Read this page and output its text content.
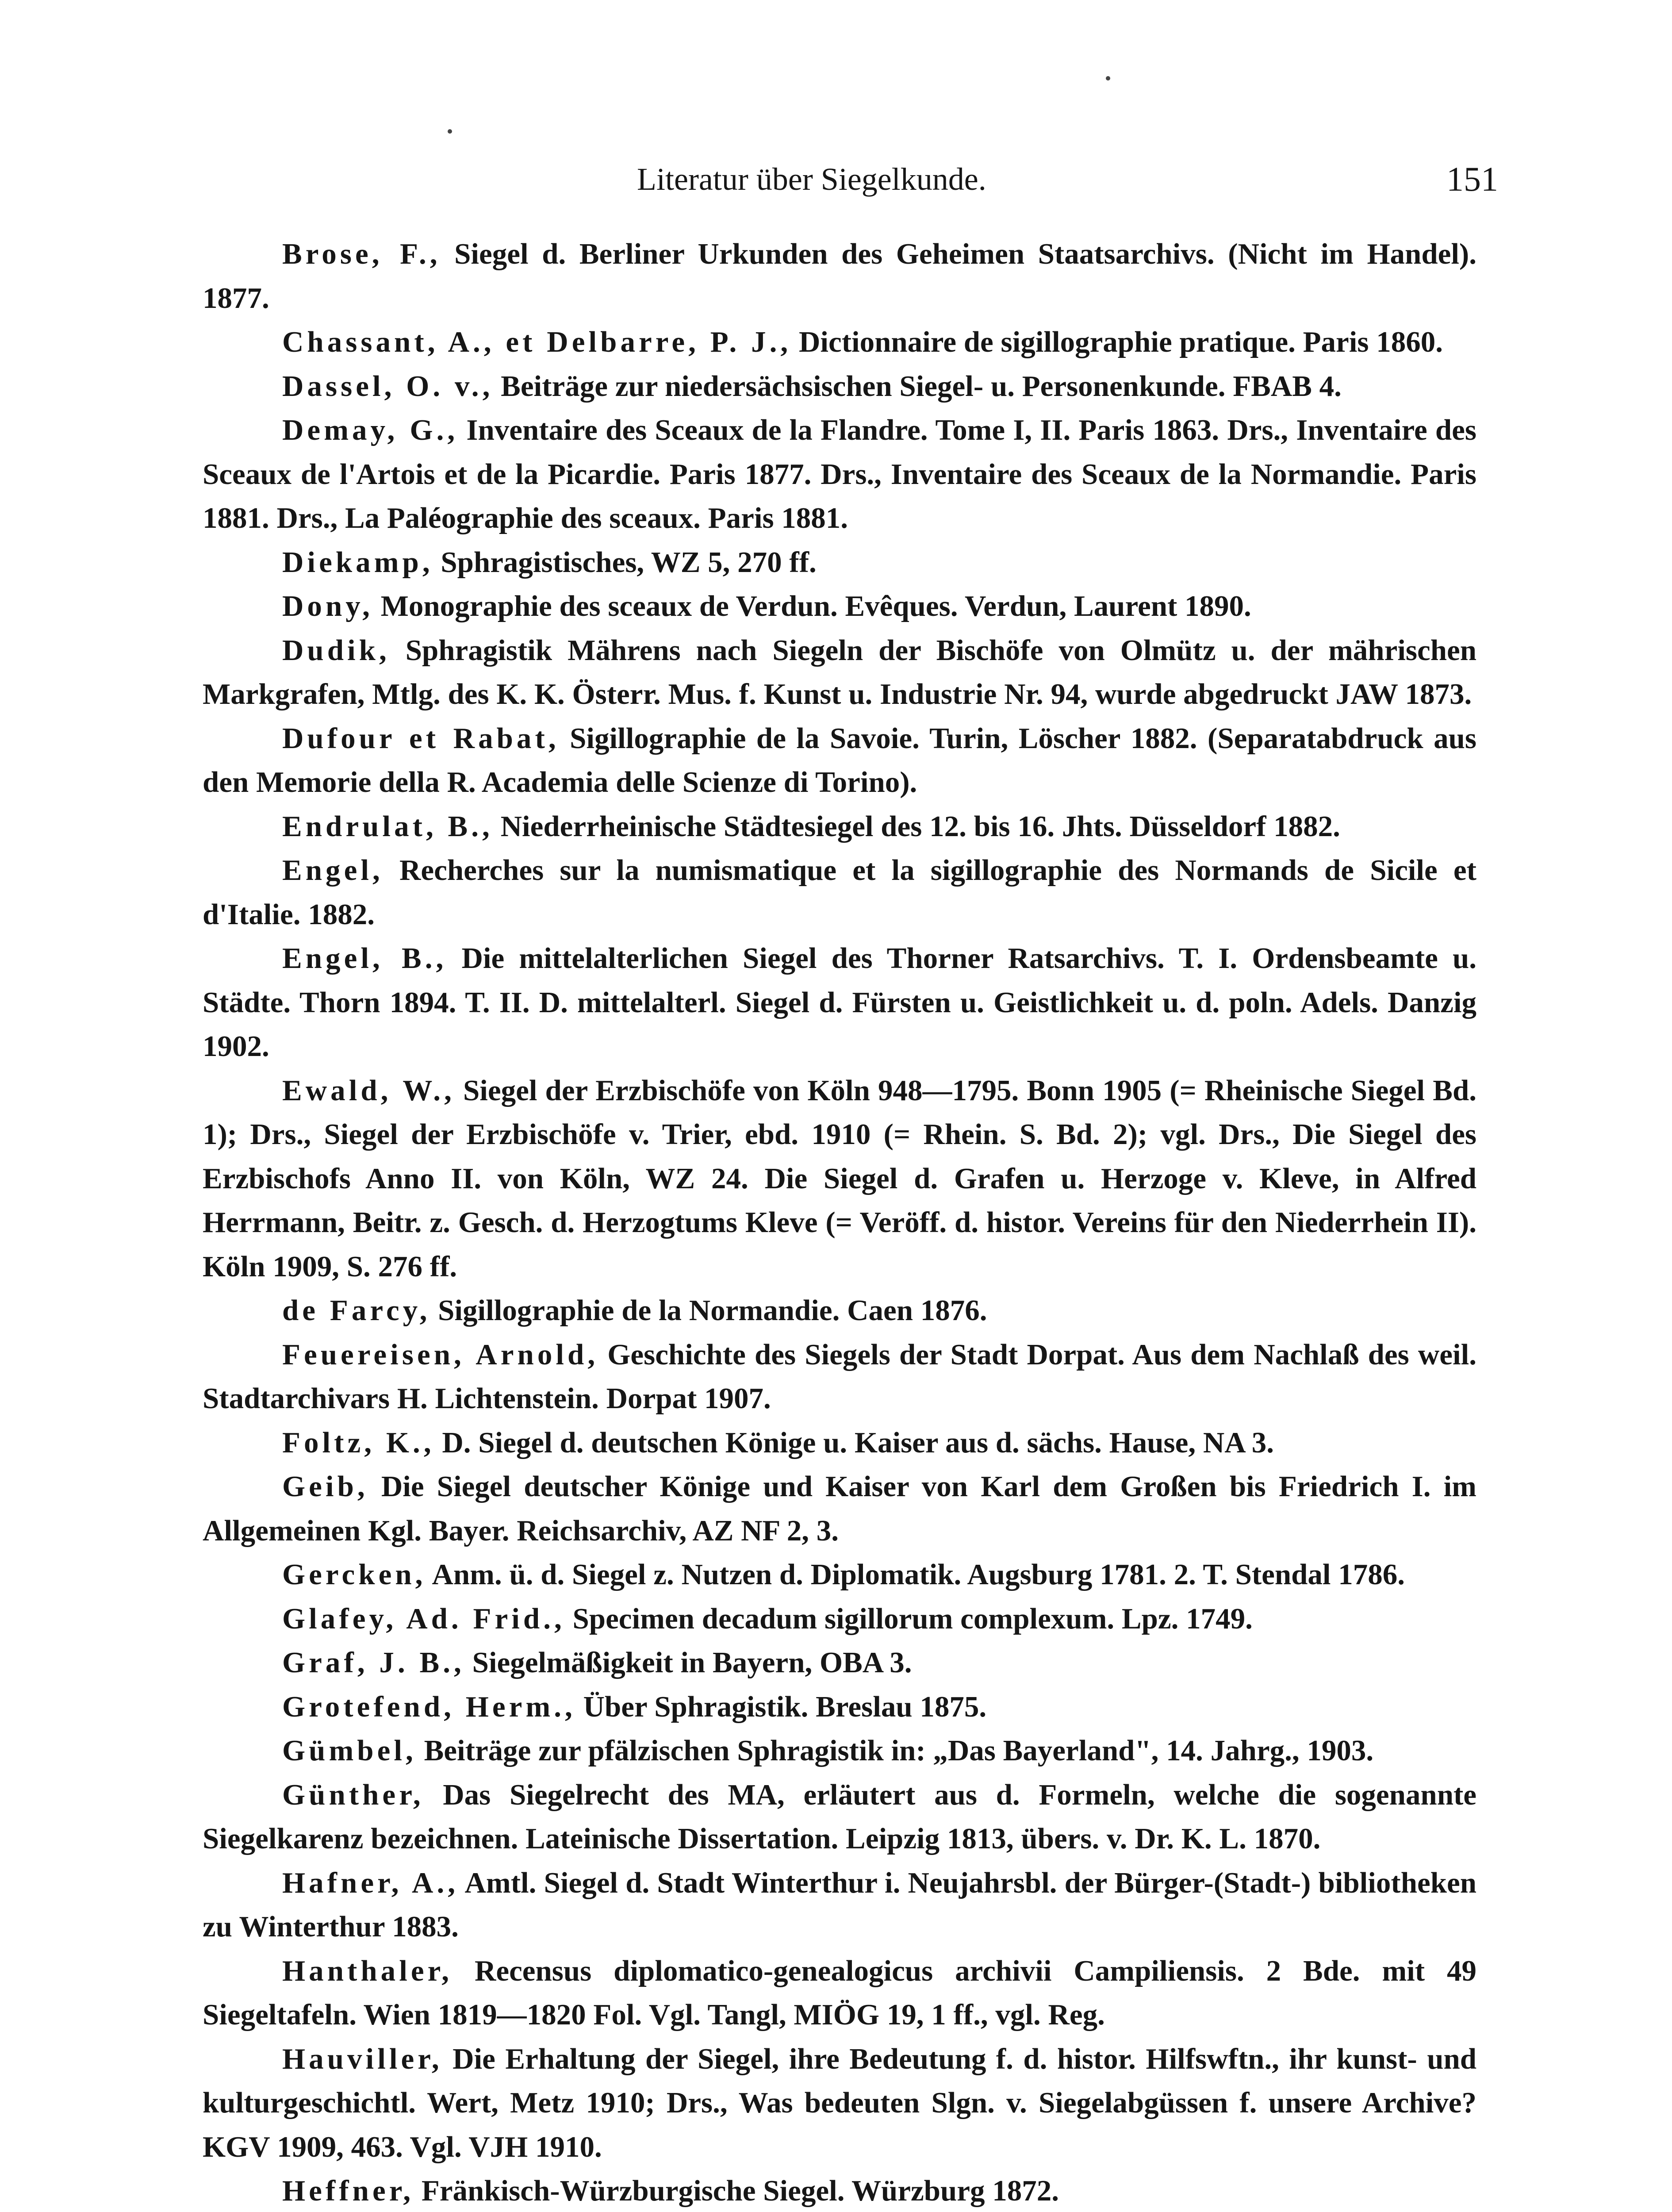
Literatur über Siegelkunde.	151
Brose, F., Siegel d. Berliner Urkunden des Geheimen Staatsarchivs. (Nicht im Handel). 1877.
Chassant, A., et Delbarre, P. J., Dictionnaire de sigillographie pratique. Paris 1860.
Dassel, O. v., Beiträge zur niedersächsischen Siegel- u. Personenkunde. FBAB 4.
Demay, G., Inventaire des Sceaux de la Flandre. Tome I, II. Paris 1863. Drs., Inventaire des Sceaux de l'Artois et de la Picardie. Paris 1877. Drs., Inventaire des Sceaux de la Normandie. Paris 1881. Drs., La Paléographie des sceaux. Paris 1881.
Diekamp, Sphragistisches, WZ 5, 270 ff.
Dony, Monographie des sceaux de Verdun. Evêques. Verdun, Laurent 1890.
Dudik, Sphragistik Mährens nach Siegeln der Bischöfe von Olmütz u. der mährischen Markgrafen, Mtlg. des K. K. Österr. Mus. f. Kunst u. Industrie Nr. 94, wurde abgedruckt JAW 1873.
Dufour et Rabat, Sigillographie de la Savoie. Turin, Löscher 1882. (Separatabdruck aus den Memorie della R. Academia delle Scienze di Torino).
Endrulat, B., Niederrheinische Städtesiegel des 12. bis 16. Jhts. Düsseldorf 1882.
Engel, Recherches sur la numismatique et la sigillographie des Normands de Sicile et d'Italie. 1882.
Engel, B., Die mittelalterlichen Siegel des Thorner Ratsarchivs. T. I. Ordensbeamte u. Städte. Thorn 1894. T. II. D. mittelalterl. Siegel d. Fürsten u. Geistlichkeit u. d. poln. Adels. Danzig 1902.
Ewald, W., Siegel der Erzbischöfe von Köln 948—1795. Bonn 1905 (= Rheinische Siegel Bd. 1); Drs., Siegel der Erzbischöfe v. Trier, ebd. 1910 (= Rhein. S. Bd. 2); vgl. Drs., Die Siegel des Erzbischofs Anno II. von Köln, WZ 24. Die Siegel d. Grafen u. Herzoge v. Kleve, in Alfred Herrmann, Beitr. z. Gesch. d. Herzogtums Kleve (= Veröff. d. histor. Vereins für den Niederrhein II). Köln 1909, S. 276 ff.
de Farcy, Sigillographie de la Normandie. Caen 1876.
Feuereisen, Arnold, Geschichte des Siegels der Stadt Dorpat. Aus dem Nachlaß des weil. Stadtarchivars H. Lichtenstein. Dorpat 1907.
Foltz, K., D. Siegel d. deutschen Könige u. Kaiser aus d. sächs. Hause, NA 3.
Geib, Die Siegel deutscher Könige und Kaiser von Karl dem Großen bis Friedrich I. im Allgemeinen Kgl. Bayer. Reichsarchiv, AZ NF 2, 3.
Gercken, Anm. ü. d. Siegel z. Nutzen d. Diplomatik. Augsburg 1781. 2. T. Stendal 1786.
Glafey, Ad. Frid., Specimen decadum sigillorum complexum. Lpz. 1749.
Graf, J. B., Siegelmäßigkeit in Bayern, OBA 3.
Grotefend, Herm., Über Sphragistik. Breslau 1875.
Gümbel, Beiträge zur pfälzischen Sphragistik in: „Das Bayerland", 14. Jahrg., 1903.
Günther, Das Siegelrecht des MA, erläutert aus d. Formeln, welche die sogenannte Siegelkarenz bezeichnen. Lateinische Dissertation. Leipzig 1813, übers. v. Dr. K. L. 1870.
Hafner, A., Amtl. Siegel d. Stadt Winterthur i. Neujahrsbl. der Bürger-(Stadt-) bibliotheken zu Winterthur 1883.
Hanthaler, Recensus diplomatico-genealogicus archivii Campiliensis. 2 Bde. mit 49 Siegeltafeln. Wien 1819—1820 Fol. Vgl. Tangl, MIÖG 19, 1 ff., vgl. Reg.
Hauviller, Die Erhaltung der Siegel, ihre Bedeutung f. d. histor. Hilfswftn., ihr kunst- und kulturgeschichtl. Wert, Metz 1910; Drs., Was bedeuten Slgn. v. Siegelabgüssen f. unsere Archive? KGV 1909, 463. Vgl. VJH 1910.
Heffner, Fränkisch-Würzburgische Siegel. Würzburg 1872.
